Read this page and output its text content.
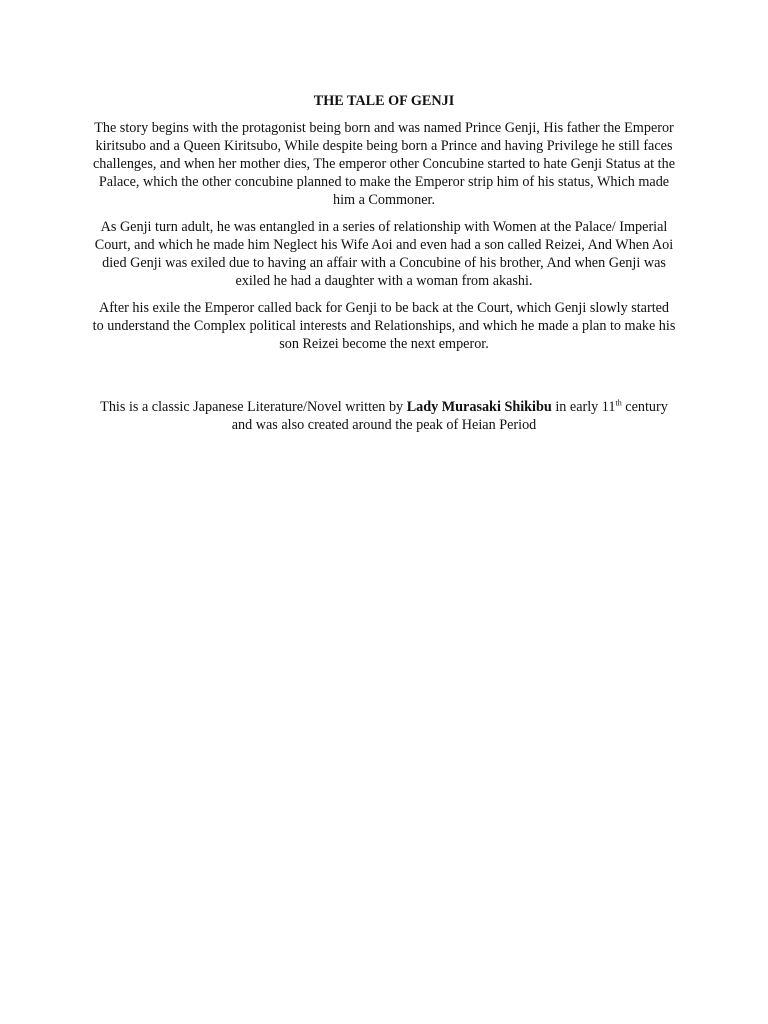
THE TALE OF GENJI

The story begins with the protagonist being born and was named Prince Genji, His father the Emperor kiritsubo and a Queen Kiritsubo, While despite being born a Prince and having Privilege he still faces challenges, and when her mother dies, The emperor other Concubine started to hate Genji Status at the Palace, which the other concubine planned to make the Emperor strip him of his status, Which made him a Commoner.

As Genji turn adult, he was entangled in a series of relationship with Women at the Palace/ Imperial Court, and which he made him Neglect his Wife Aoi and even had a son called Reizei, And When Aoi died Genji was exiled due to having an affair with a Concubine of his brother, And when Genji was exiled he had a daughter with a woman from akashi.

After his exile the Emperor called back for Genji to be back at the Court, which Genji slowly started to understand the Complex political interests and Relationships, and which he made a plan to make his son Reizei become the next emperor.

This is a classic Japanese Literature/Novel written by Lady Murasaki Shikibu in early 11th century and was also created around the peak of Heian Period
